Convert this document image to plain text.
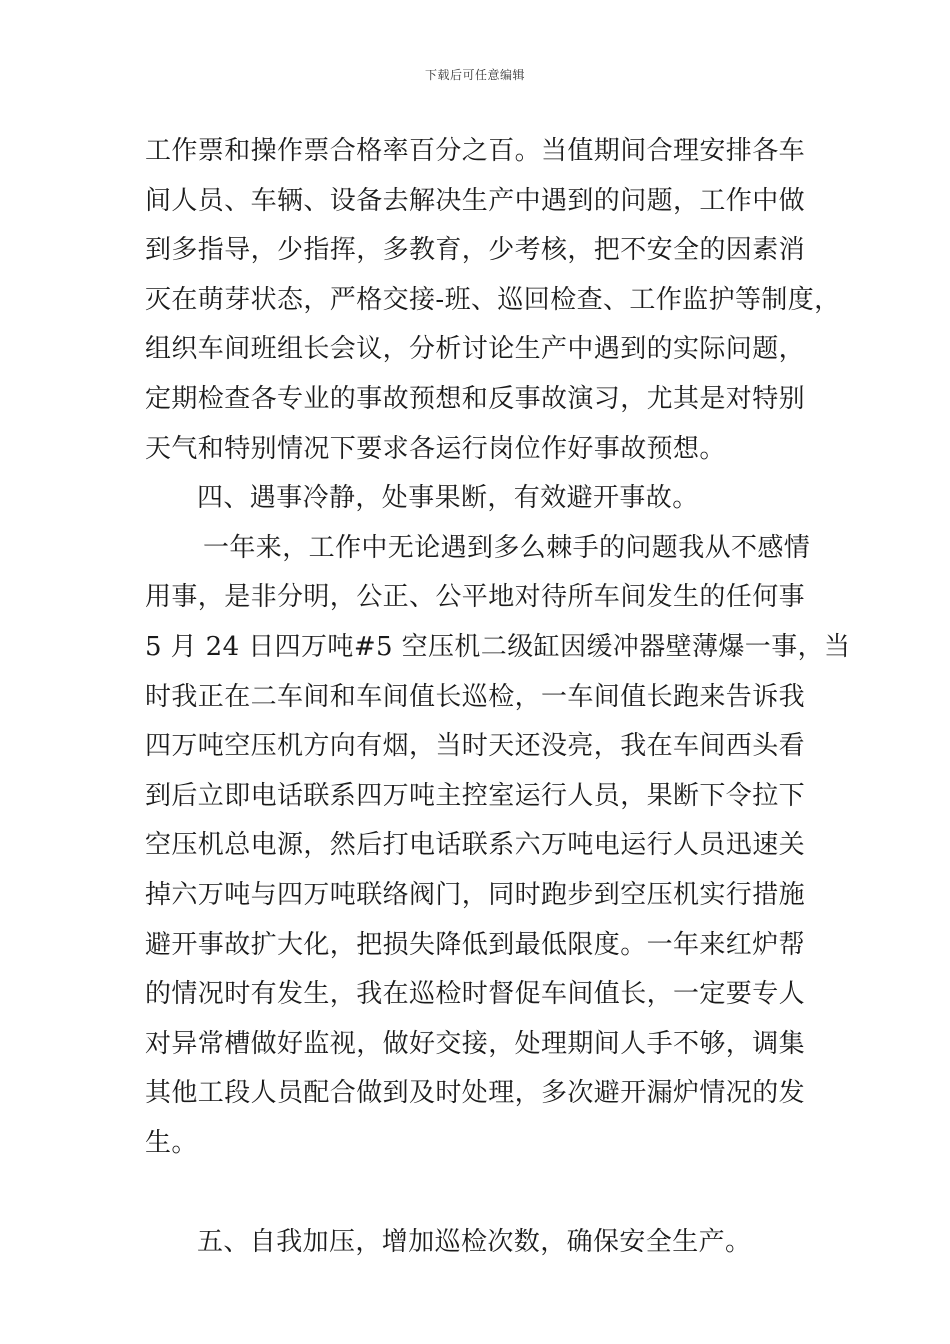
下载后可任意编辑
工作票和操作票合格率百分之百。当值期间合理安排各车
间人员、车辆、设备去解决生产中遇到的问题，工作中做
到多指导，少指挥，多教育，少考核，把不安全的因素消
灭在萌芽状态，严格交接-班、巡回检查、工作监护等制度，
组织车间班组长会议，分析讨论生产中遇到的实际问题，
定期检查各专业的事故预想和反事故演习，尤其是对特别
天气和特别情况下要求各运行岗位作好事故预想。
四、遇事冷静，处事果断，有效避开事故。
一年来，工作中无论遇到多么棘手的问题我从不感情
用事，是非分明，公正、公平地对待所车间发生的任何事
5 月 24 日四万吨#5 空压机二级缸因缓冲器壁薄爆一事，当
时我正在二车间和车间值长巡检，一车间值长跑来告诉我
四万吨空压机方向有烟，当时天还没亮，我在车间西头看
到后立即电话联系四万吨主控室运行人员，果断下令拉下
空压机总电源，然后打电话联系六万吨电运行人员迅速关
掉六万吨与四万吨联络阀门，同时跑步到空压机实行措施
避开事故扩大化，把损失降低到最低限度。一年来红炉帮
的情况时有发生，我在巡检时督促车间值长，一定要专人
对异常槽做好监视，做好交接，处理期间人手不够，调集
其他工段人员配合做到及时处理，多次避开漏炉情况的发
生。
五、自我加压，增加巡检次数，确保安全生产。
